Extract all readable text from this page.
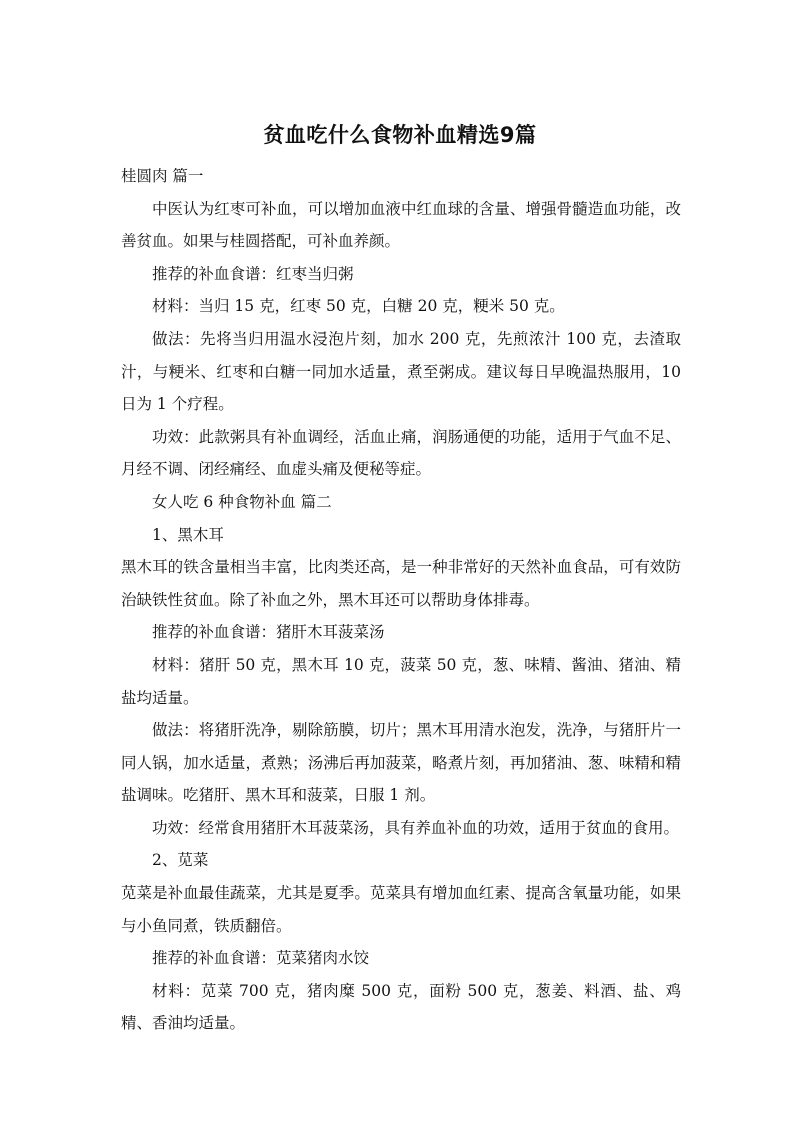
贫血吃什么食物补血精选9篇

桂圆肉 篇一

中医认为红枣可补血，可以增加血液中红血球的含量、增强骨髓造血功能，改善贫血。如果与桂圆搭配，可补血养颜。

推荐的补血食谱：红枣当归粥

材料：当归 15 克，红枣 50 克，白糖 20 克，粳米 50 克。

做法：先将当归用温水浸泡片刻，加水 200 克，先煎浓汁 100 克，去渣取汁，与粳米、红枣和白糖一同加水适量，煮至粥成。建议每日早晚温热服用，10 日为 1 个疗程。

功效：此款粥具有补血调经，活血止痛，润肠通便的功能，适用于气血不足、月经不调、闭经痛经、血虚头痛及便秘等症。

女人吃 6 种食物补血 篇二

1、黑木耳

黑木耳的铁含量相当丰富，比肉类还高，是一种非常好的天然补血食品，可有效防治缺铁性贫血。除了补血之外，黑木耳还可以帮助身体排毒。

推荐的补血食谱：猪肝木耳菠菜汤

材料：猪肝 50 克，黑木耳 10 克，菠菜 50 克，葱、味精、酱油、猪油、精盐均适量。

做法：将猪肝洗净，剔除筋膜，切片；黑木耳用清水泡发，洗净，与猪肝片一同人锅，加水适量，煮熟；汤沸后再加菠菜，略煮片刻，再加猪油、葱、味精和精盐调味。吃猪肝、黑木耳和菠菜，日服 1 剂。

功效：经常食用猪肝木耳菠菜汤，具有养血补血的功效，适用于贫血的食用。

2、苋菜

苋菜是补血最佳蔬菜，尤其是夏季。苋菜具有增加血红素、提高含氧量功能，如果与小鱼同煮，铁质翻倍。

推荐的补血食谱：苋菜猪肉水饺

材料：苋菜 700 克，猪肉糜 500 克，面粉 500 克，葱姜、料酒、盐、鸡精、香油均适量。
